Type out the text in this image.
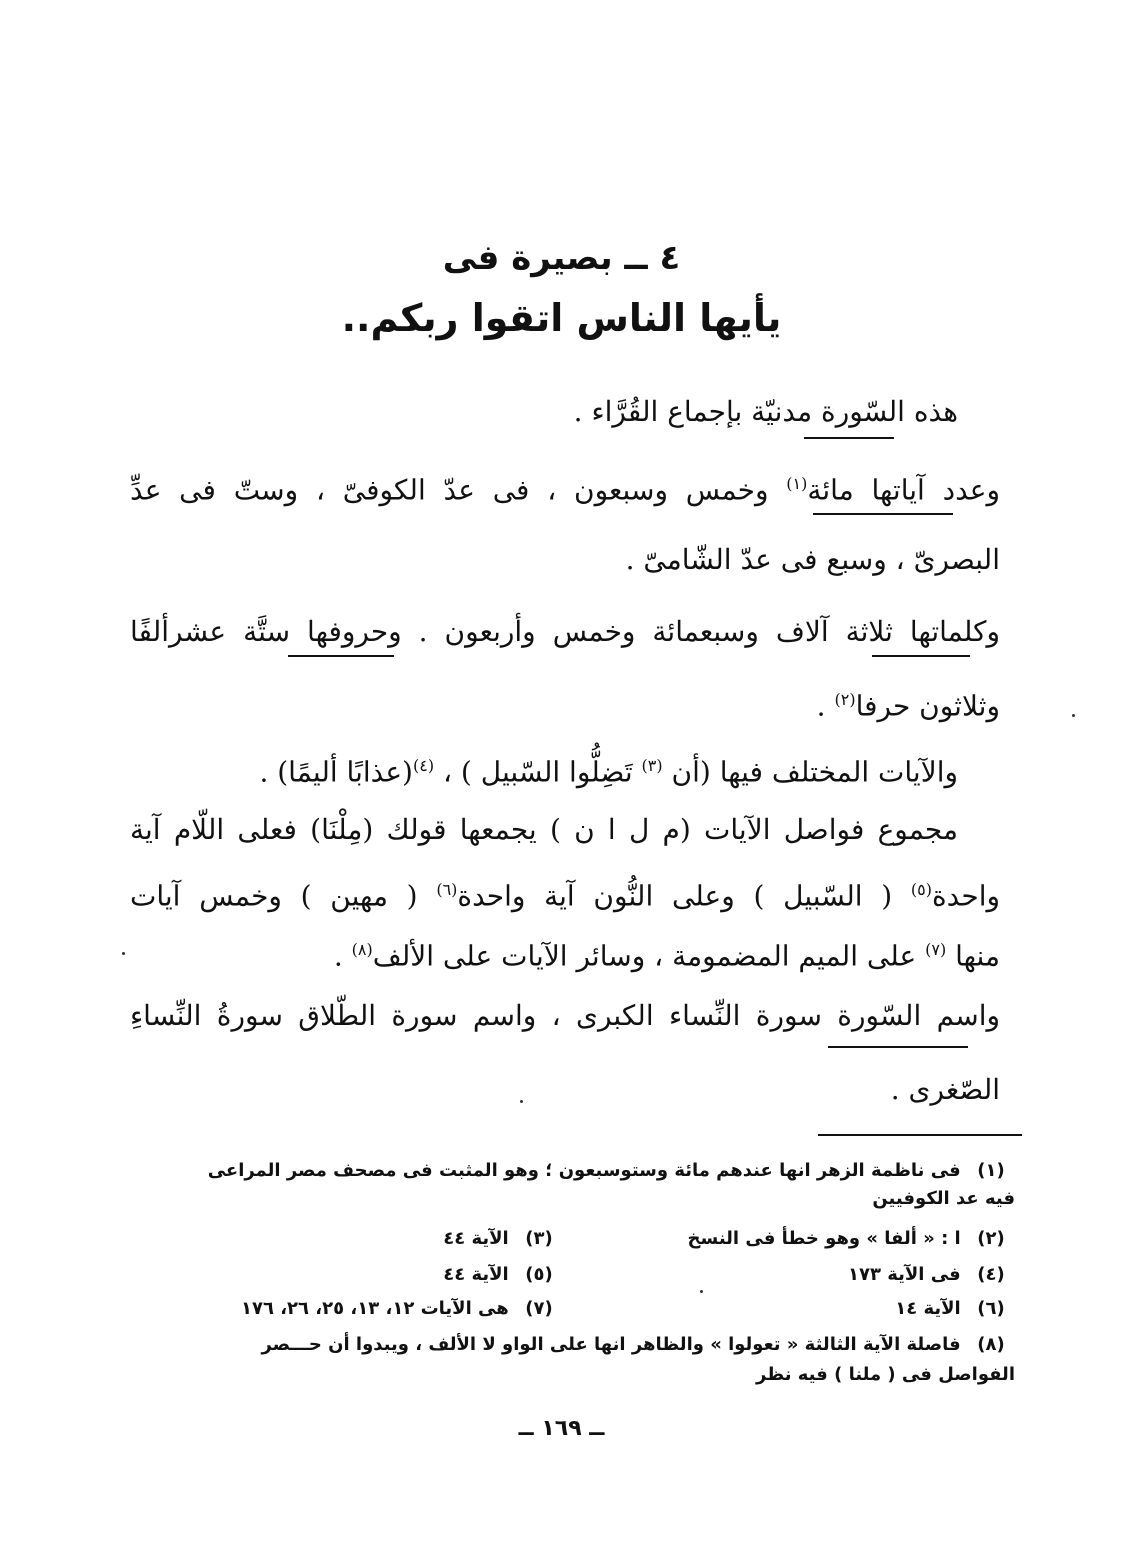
٤ ــ بصيرة فى
يأيها الناس اتقوا ربكم..
هذه السّورة مدنيّة بإجماع القُرَّاء .
وعدد آياتها مائة$^{(١)}$ وخمس وسبعون ، فى عدّ الكوفىّ ، وستّ فى عدِّ
البصرىّ ، وسبع فى عدّ الشّامىّ .
وكلماتها ثلاثة آلاف وسبعمائة وخمس وأربعون . وحروفها ستَّة عشرألفًا
وثلاثون حرفا$^{(٢)}$ .
والآيات المختلف فيها (أن $^{(٣)}$ تَضِلُّوا السّبيل ) ، $^{(٤)}$(عذابًا أليمًا) .
مجموع فواصل الآيات (م ل ا ن ) يجمعها قولك (مِلْنَا) فعلى اللّام آية
واحدة$^{(٥)}$ ( السّبيل ) وعلى النُّون آية واحدة$^{(٦)}$ ( مهين ) وخمس آيات
منها $^{(٧)}$ على الميم المضمومة ، وسائر الآيات على الألف$^{(٨)}$ .
واسم السّورة سورة النِّساء الكبرى ، واسم سورة الطّلاق سورةُ النِّساءِ
الصّغرى .
(١) فى ناظمة الزهر انها عندهم مائة وستوسبعون ؛ وهو المثبت فى مصحف مصر المراعى
فيه عد الكوفيين
(٢) ا : « ألفا » وهو خطأ فى النسخ
(٣) الآية ٤٤
(٤) فى الآية ١٧٣
(٥) الآية ٤٤
(٦) الآية ١٤
(٧) هى الآيات ١٢، ١٣، ٢٥، ٢٦، ١٧٦
(٨) فاصلة الآية الثالثة « تعولوا » والظاهر انها على الواو لا الألف ، ويبدوا أن حـــصر
الفواصل فى ( ملنا ) فيه نظر
ــ ١٦٩ ــ
